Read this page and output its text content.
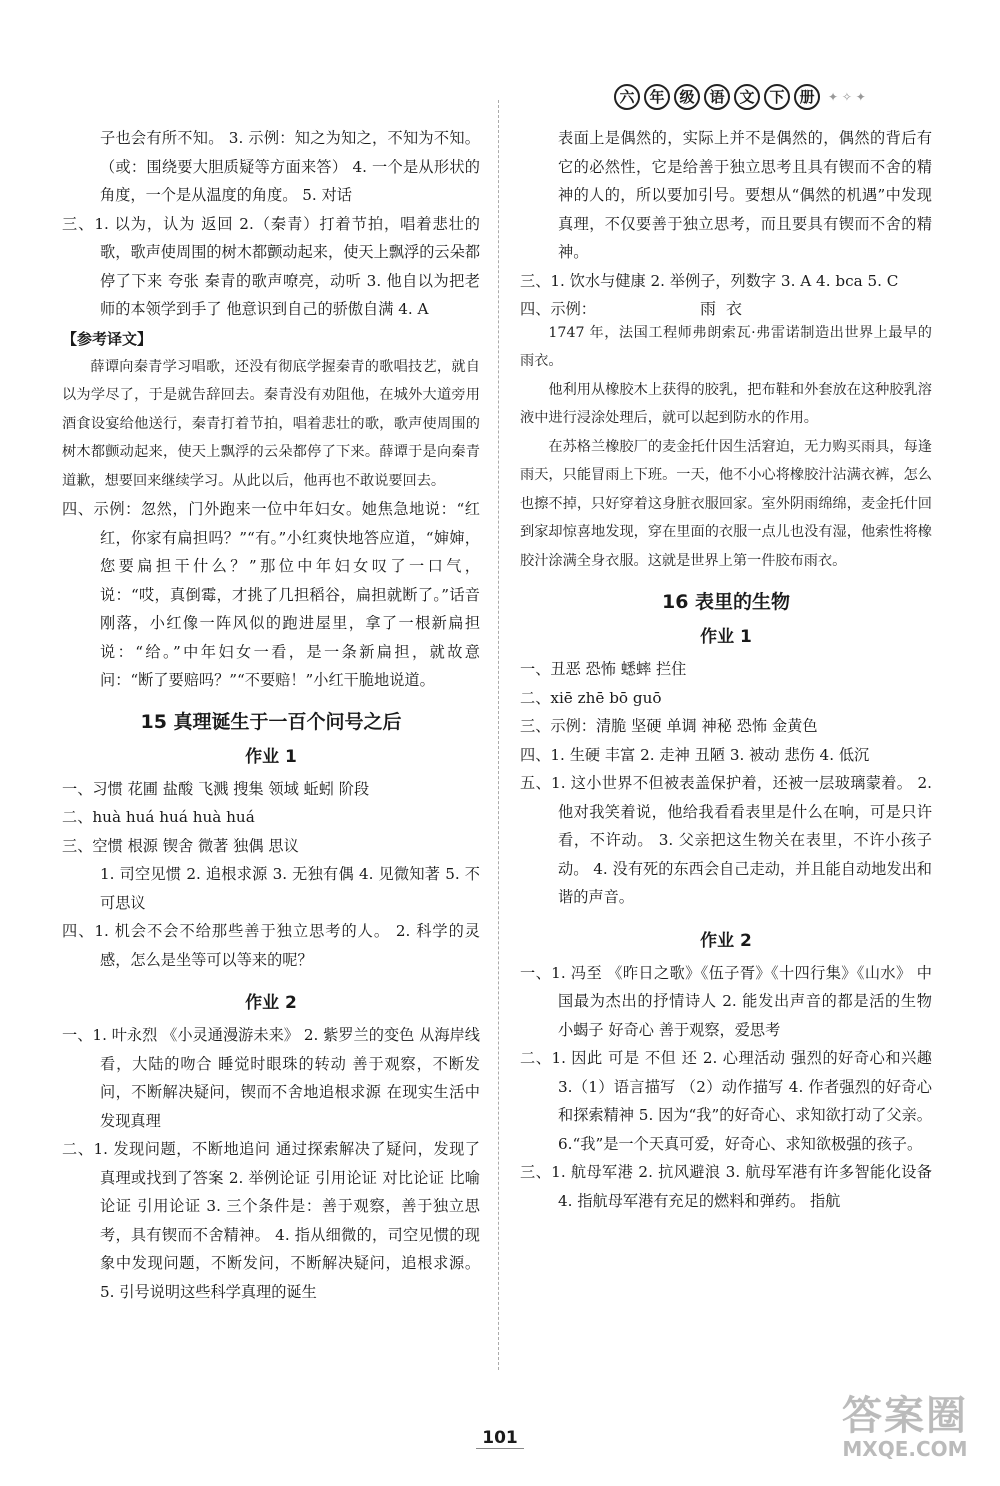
六 年 级 语 文 下 册	✦ ✧ ✦

子也会有所不知。 3. 示例：知之为知之，不知为不知。（或：围绕要大胆质疑等方面来答） 4. 一个是从形状的角度，一个是从温度的角度。 5. 对话

三、1. 以为，认为 返回 2.（秦青）打着节拍，唱着悲壮的歌，歌声使周围的树木都颤动起来，使天上飘浮的云朵都停了下来 夸张 秦青的歌声嘹亮，动听 3. 他自以为把老师的本领学到手了 他意识到自己的骄傲自满 4. A

【参考译文】

薛谭向秦青学习唱歌，还没有彻底学握秦青的歌唱技艺，就自以为学尽了，于是就告辞回去。秦青没有劝阻他，在城外大道旁用酒食设宴给他送行，秦青打着节拍，唱着悲壮的歌，歌声使周围的树木都颤动起来，使天上飘浮的云朵都停了下来。薛谭于是向秦青道歉，想要回来继续学习。从此以后，他再也不敢说要回去。

四、示例：忽然，门外跑来一位中年妇女。她焦急地说：“红红，你家有扁担吗？”“有。”小红爽快地答应道，“婶婶，您要扁担干什么？”那位中年妇女叹了一口气，说：“哎，真倒霉，才挑了几担稻谷，扁担就断了。”话音刚落，小红像一阵风似的跑进屋里，拿了一根新扁担说：“给。”中年妇女一看，是一条新扁担，就故意问：“断了要赔吗？”“不要赔！”小红干脆地说道。

15 真理诞生于一百个问号之后
作业 1

一、习惯 花圃 盐酸 飞溅 搜集 领域 蚯蚓 阶段

二、huà huá huá huà huá

三、空惯 根源 锲舍 微著 独偶 思议

1. 司空见惯 2. 追根求源 3. 无独有偶 4. 见微知著 5. 不可思议

四、1. 机会不会不给那些善于独立思考的人。 2. 科学的灵感，怎么是坐等可以等来的呢？

作业 2

一、1. 叶永烈 《小灵通漫游未来》 2. 紫罗兰的变色 从海岸线看，大陆的吻合 睡觉时眼珠的转动 善于观察，不断发问，不断解决疑问，锲而不舍地追根求源 在现实生活中发现真理

二、1. 发现问题，不断地追问 通过探索解决了疑问，发现了真理或找到了答案 2. 举例论证 引用论证 对比论证 比喻论证 引用论证 3. 三个条件是：善于观察，善于独立思考，具有锲而不舍精神。 4. 指从细微的，司空见惯的现象中发现问题，不断发问，不断解决疑问，追根求源。 5. 引号说明这些科学真理的诞生

表面上是偶然的，实际上并不是偶然的，偶然的背后有它的必然性，它是给善于独立思考且具有锲而不舍的精神的人的，所以要加引号。要想从“偶然的机遇”中发现真理，不仅要善于独立思考，而且要具有锲而不舍的精神。

三、1. 饮水与健康 2. 举例子，列数字 3. A 4. bca 5. C

四、示例：	雨衣

1747 年，法国工程师弗朗索瓦·弗雷诺制造出世界上最早的雨衣。

他利用从橡胶木上获得的胶乳，把布鞋和外套放在这种胶乳溶液中进行浸涂处理后，就可以起到防水的作用。

在苏格兰橡胶厂的麦金托什因生活窘迫，无力购买雨具，每逢雨天，只能冒雨上下班。一天，他不小心将橡胶汁沾满衣裤，怎么也擦不掉，只好穿着这身脏衣服回家。室外阴雨绵绵，麦金托什回到家却惊喜地发现，穿在里面的衣服一点儿也没有湿，他索性将橡胶汁涂满全身衣服。这就是世界上第一件胶布雨衣。

16 表里的生物
作业 1

一、丑恶 恐怖 蟋蟀 拦住

二、xiē zhē bō guō

三、示例：清脆 坚硬 单调 神秘 恐怖 金黄色

四、1. 生硬 丰富 2. 走神 丑陋 3. 被动 悲伤 4. 低沉

五、1. 这小世界不但被表盖保护着，还被一层玻璃蒙着。 2. 他对我笑着说，他给我看看表里是什么在响，可是只许看，不许动。 3. 父亲把这生物关在表里，不许小孩子动。 4. 没有死的东西会自己走动，并且能自动地发出和谐的声音。

作业 2

一、1. 冯至 《昨日之歌》《伍子胥》《十四行集》《山水》 中国最为杰出的抒情诗人 2. 能发出声音的都是活的生物 小蝎子 好奇心 善于观察，爱思考

二、1. 因此 可是 不但 还 2. 心理活动 强烈的好奇心和兴趣 3.（1）语言描写 （2）动作描写 4. 作者强烈的好奇心和探索精神 5. 因为“我”的好奇心、求知欲打动了父亲。 6.“我”是一个天真可爱，好奇心、求知欲极强的孩子。

三、1. 航母军港 2. 抗风避浪 3. 航母军港有许多智能化设备 4. 指航母军港有充足的燃料和弹药。 指航

101	答案圈
MXQE.COM
